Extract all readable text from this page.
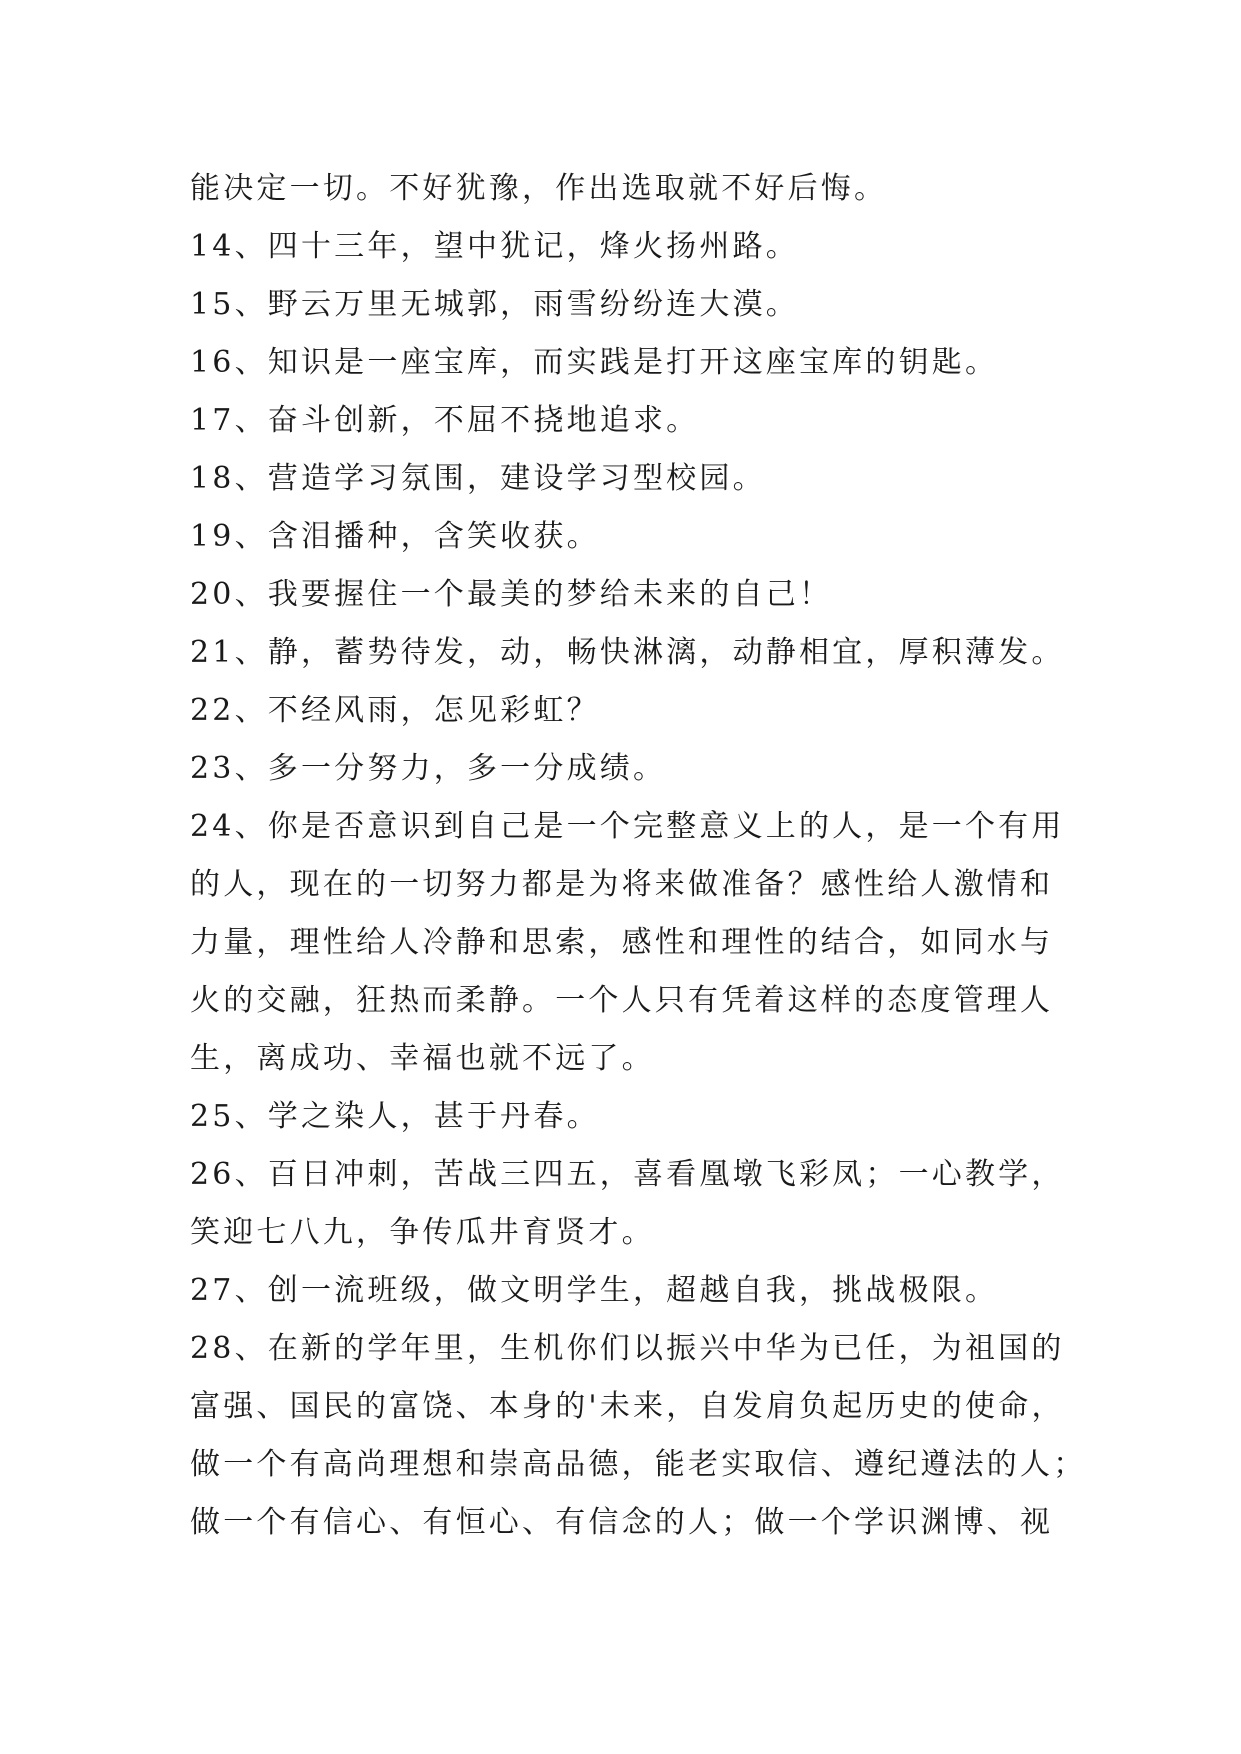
能决定一切。不好犹豫，作出选取就不好后悔。
14、四十三年，望中犹记，烽火扬州路。
15、野云万里无城郭，雨雪纷纷连大漠。
16、知识是一座宝库，而实践是打开这座宝库的钥匙。
17、奋斗创新，不屈不挠地追求。
18、营造学习氛围，建设学习型校园。
19、含泪播种，含笑收获。
20、我要握住一个最美的梦给未来的自己！
21、静，蓄势待发，动，畅快淋漓，动静相宜，厚积薄发。
22、不经风雨，怎见彩虹？
23、多一分努力，多一分成绩。
24、你是否意识到自己是一个完整意义上的人，是一个有用
的人，现在的一切努力都是为将来做准备？感性给人激情和
力量，理性给人冷静和思索，感性和理性的结合，如同水与
火的交融，狂热而柔静。一个人只有凭着这样的态度管理人
生，离成功、幸福也就不远了。
25、学之染人，甚于丹春。
26、百日冲刺，苦战三四五，喜看凰墩飞彩凤；一心教学，
笑迎七八九，争传瓜井育贤才。
27、创一流班级，做文明学生，超越自我，挑战极限。
28、在新的学年里，生机你们以振兴中华为已任，为祖国的
富强、国民的富饶、本身的'未来，自发肩负起历史的使命，
做一个有高尚理想和崇高品德，能老实取信、遵纪遵法的人；
做一个有信心、有恒心、有信念的人；做一个学识渊博、视
